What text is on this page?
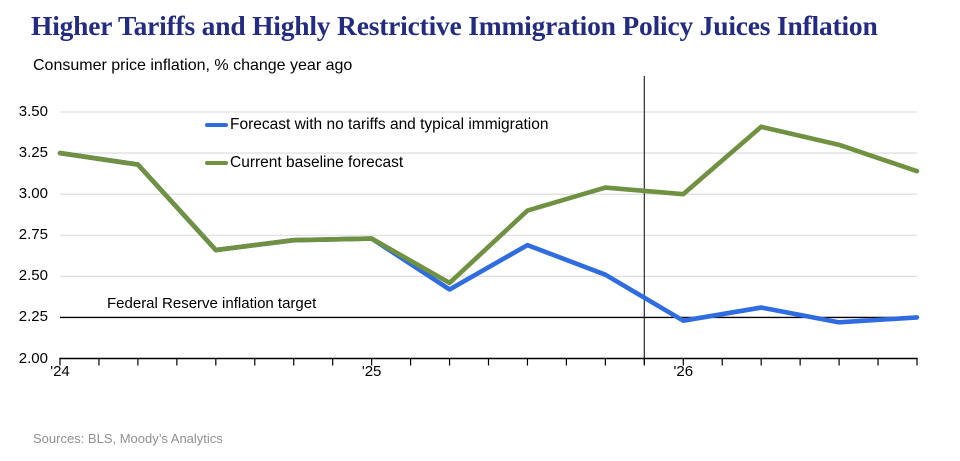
Higher Tariffs and Highly Restrictive Immigration Policy Juices Inflation
Consumer price inflation, % change year ago
Forecast with no tariffs and typical immigration
Current baseline forecast
Federal Reserve inflation target
2.00
2.25
2.50
2.75
3.00
3.25
3.50
'24	'25	'26
Sources: BLS, Moody’s Analytics
